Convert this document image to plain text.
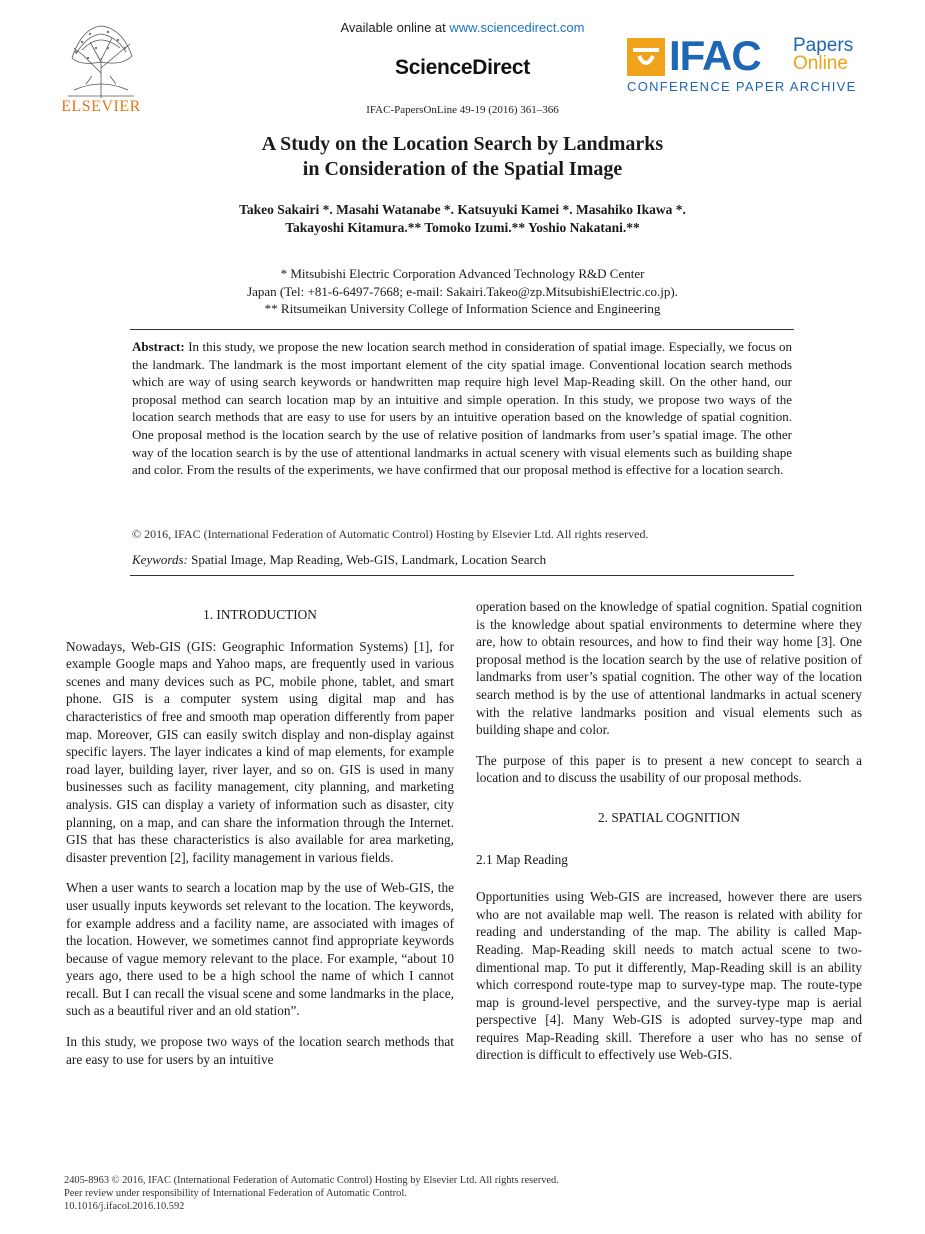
ELSEVIER
Available online at www.sciencedirect.com
ScienceDirect
IFAC-PapersOnLine 49-19 (2016) 361–366
IFAC Papers
Online
CONFERENCE PAPER ARCHIVE
A Study on the Location Search by Landmarks
in Consideration of the Spatial Image
Takeo Sakairi *. Masahi Watanabe *. Katsuyuki Kamei *. Masahiko Ikawa *.
Takayoshi Kitamura.** Tomoko Izumi.** Yoshio Nakatani.**
* Mitsubishi Electric Corporation Advanced Technology R&D Center
Japan (Tel: +81-6-6497-7668; e-mail: Sakairi.Takeo@zp.MitsubishiElectric.co.jp).
** Ritsumeikan University College of Information Science and Engineering
Abstract: In this study, we propose the new location search method in consideration of spatial image. Especially, we focus on the landmark. The landmark is the most important element of the city spatial image. Conventional location search methods which are way of using search keywords or handwritten map require high level Map-Reading skill. On the other hand, our proposal method can search location map by an intuitive and simple operation. In this study, we propose two ways of the location search methods that are easy to use for users by an intuitive operation based on the knowledge of spatial cognition. One proposal method is the location search by the use of relative position of landmarks from user’s spatial image. The other way of the location search is by the use of attentional landmarks in actual scenery with visual elements such as building shape and color. From the results of the experiments, we have confirmed that our proposal method is effective for a location search.
© 2016, IFAC (International Federation of Automatic Control) Hosting by Elsevier Ltd. All rights reserved.
Keywords: Spatial Image, Map Reading, Web-GIS, Landmark, Location Search

1. INTRODUCTION

Nowadays, Web-GIS (GIS: Geographic Information Systems) [1], for example Google maps and Yahoo maps, are frequently used in various scenes and many devices such as PC, mobile phone, tablet, and smart phone. GIS is a computer system using digital map and has characteristics of free and smooth map operation differently from paper map. Moreover, GIS can easily switch display and non-display against specific layers. The layer indicates a kind of map elements, for example road layer, building layer, river layer, and so on. GIS is used in many businesses such as facility management, city planning, and marketing analysis. GIS can display a variety of information such as disaster, city planning, on a map, and can share the information through the Internet. GIS that has these characteristics is also available for area marketing, disaster prevention [2], facility management in various fields.

When a user wants to search a location map by the use of Web-GIS, the user usually inputs keywords set relevant to the location. The keywords, for example address and a facility name, are associated with images of the location. However, we sometimes cannot find appropriate keywords because of vague memory relevant to the place. For example, “about 10 years ago, there used to be a high school the name of which I cannot recall. But I can recall the visual scene and some landmarks in the place, such as a beautiful river and an old station”.

In this study, we propose two ways of the location search methods that are easy to use for users by an intuitive

operation based on the knowledge of spatial cognition. Spatial cognition is the knowledge about spatial environments to determine where they are, how to obtain resources, and how to find their way home [3]. One proposal method is the location search by the use of relative position of landmarks from user’s spatial cognition. The other way of the location search method is by the use of attentional landmarks in actual scenery with the relative landmarks position and visual elements such as building shape and color.

The purpose of this paper is to present a new concept to search a location and to discuss the usability of our proposal methods.

2. SPATIAL COGNITION

2.1 Map Reading

Opportunities using Web-GIS are increased, however there are users who are not available map well. The reason is related with ability for reading and understanding of the map. The ability is called Map-Reading. Map-Reading skill needs to match actual scene to two-dimentional map. To put it differently, Map-Reading skill is an ability which correspond route-type map to survey-type map. The route-type map is ground-level perspective, and the survey-type map is aerial perspective [4]. Many Web-GIS is adopted survey-type map and requires Map-Reading skill. Therefore a user who has no sense of direction is difficult to effectively use Web-GIS.

2405-8963 © 2016, IFAC (International Federation of Automatic Control) Hosting by Elsevier Ltd. All rights reserved.
Peer review under responsibility of International Federation of Automatic Control.
10.1016/j.ifacol.2016.10.592
